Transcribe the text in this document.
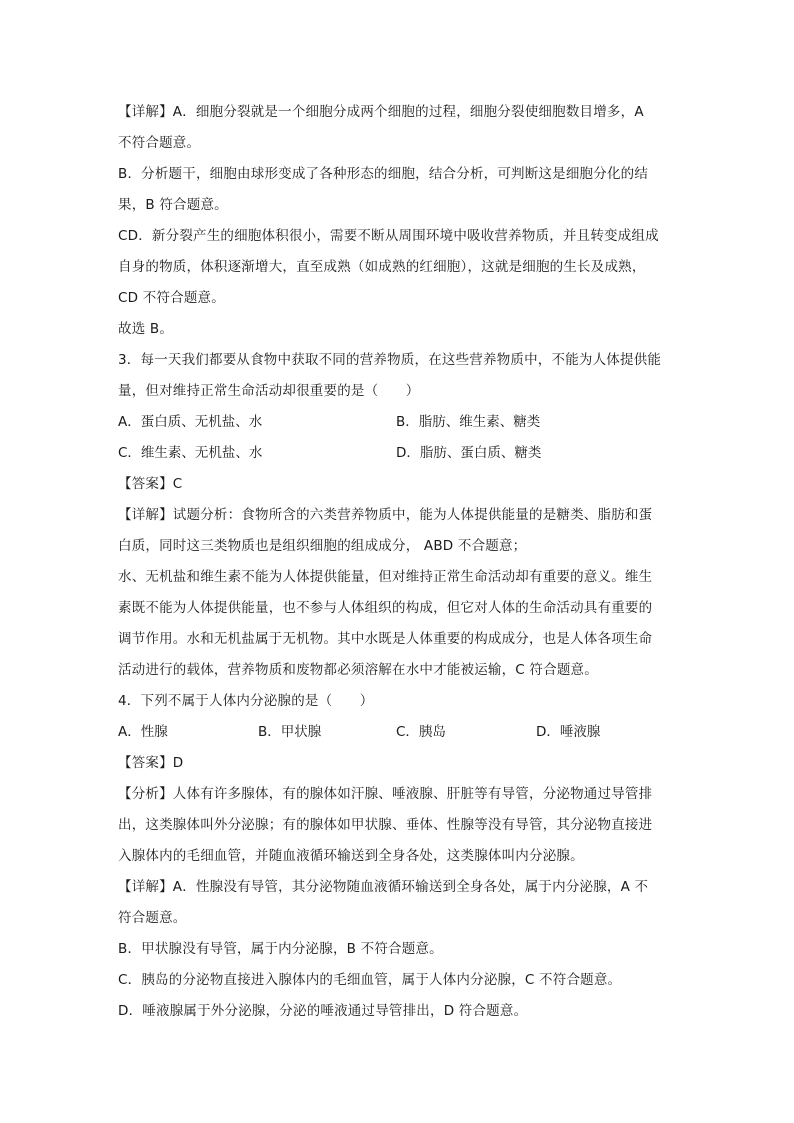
【详解】A．细胞分裂就是一个细胞分成两个细胞的过程，细胞分裂使细胞数目增多，A
不符合题意。
B．分析题干，细胞由球形变成了各种形态的细胞，结合分析，可判断这是细胞分化的结
果，B 符合题意。
CD．新分裂产生的细胞体积很小，需要不断从周围环境中吸收营养物质，并且转变成组成
自身的物质，体积逐渐增大，直至成熟（如成熟的红细胞），这就是细胞的生长及成熟，
CD 不符合题意。
故选 B。
3．每一天我们都要从食物中获取不同的营养物质，在这些营养物质中，不能为人体提供能
量，但对维持正常生命活动却很重要的是（　　）
A．蛋白质、无机盐、水	B．脂肪、维生素、糖类
C．维生素、无机盐、水	D．脂肪、蛋白质、糖类
【答案】C
【详解】试题分析：食物所含的六类营养物质中，能为人体提供能量的是糖类、脂肪和蛋
白质，同时这三类物质也是组织细胞的组成成分， ABD 不合题意；
水、无机盐和维生素不能为人体提供能量，但对维持正常生命活动却有重要的意义。维生
素既不能为人体提供能量，也不参与人体组织的构成，但它对人体的生命活动具有重要的
调节作用。水和无机盐属于无机物。其中水既是人体重要的构成成分，也是人体各项生命
活动进行的载体，营养物质和废物都必须溶解在水中才能被运输，C 符合题意。
4．下列不属于人体内分泌腺的是（　　）
A．性腺	B．甲状腺	C．胰岛	D．唾液腺
【答案】D
【分析】人体有许多腺体，有的腺体如汗腺、唾液腺、肝脏等有导管，分泌物通过导管排
出，这类腺体叫外分泌腺；有的腺体如甲状腺、垂体、性腺等没有导管，其分泌物直接进
入腺体内的毛细血管，并随血液循环输送到全身各处，这类腺体叫内分泌腺。
【详解】A．性腺没有导管，其分泌物随血液循环输送到全身各处，属于内分泌腺，A 不
符合题意。
B．甲状腺没有导管，属于内分泌腺，B 不符合题意。
C．胰岛的分泌物直接进入腺体内的毛细血管，属于人体内分泌腺，C 不符合题意。
D．唾液腺属于外分泌腺，分泌的唾液通过导管排出，D 符合题意。
